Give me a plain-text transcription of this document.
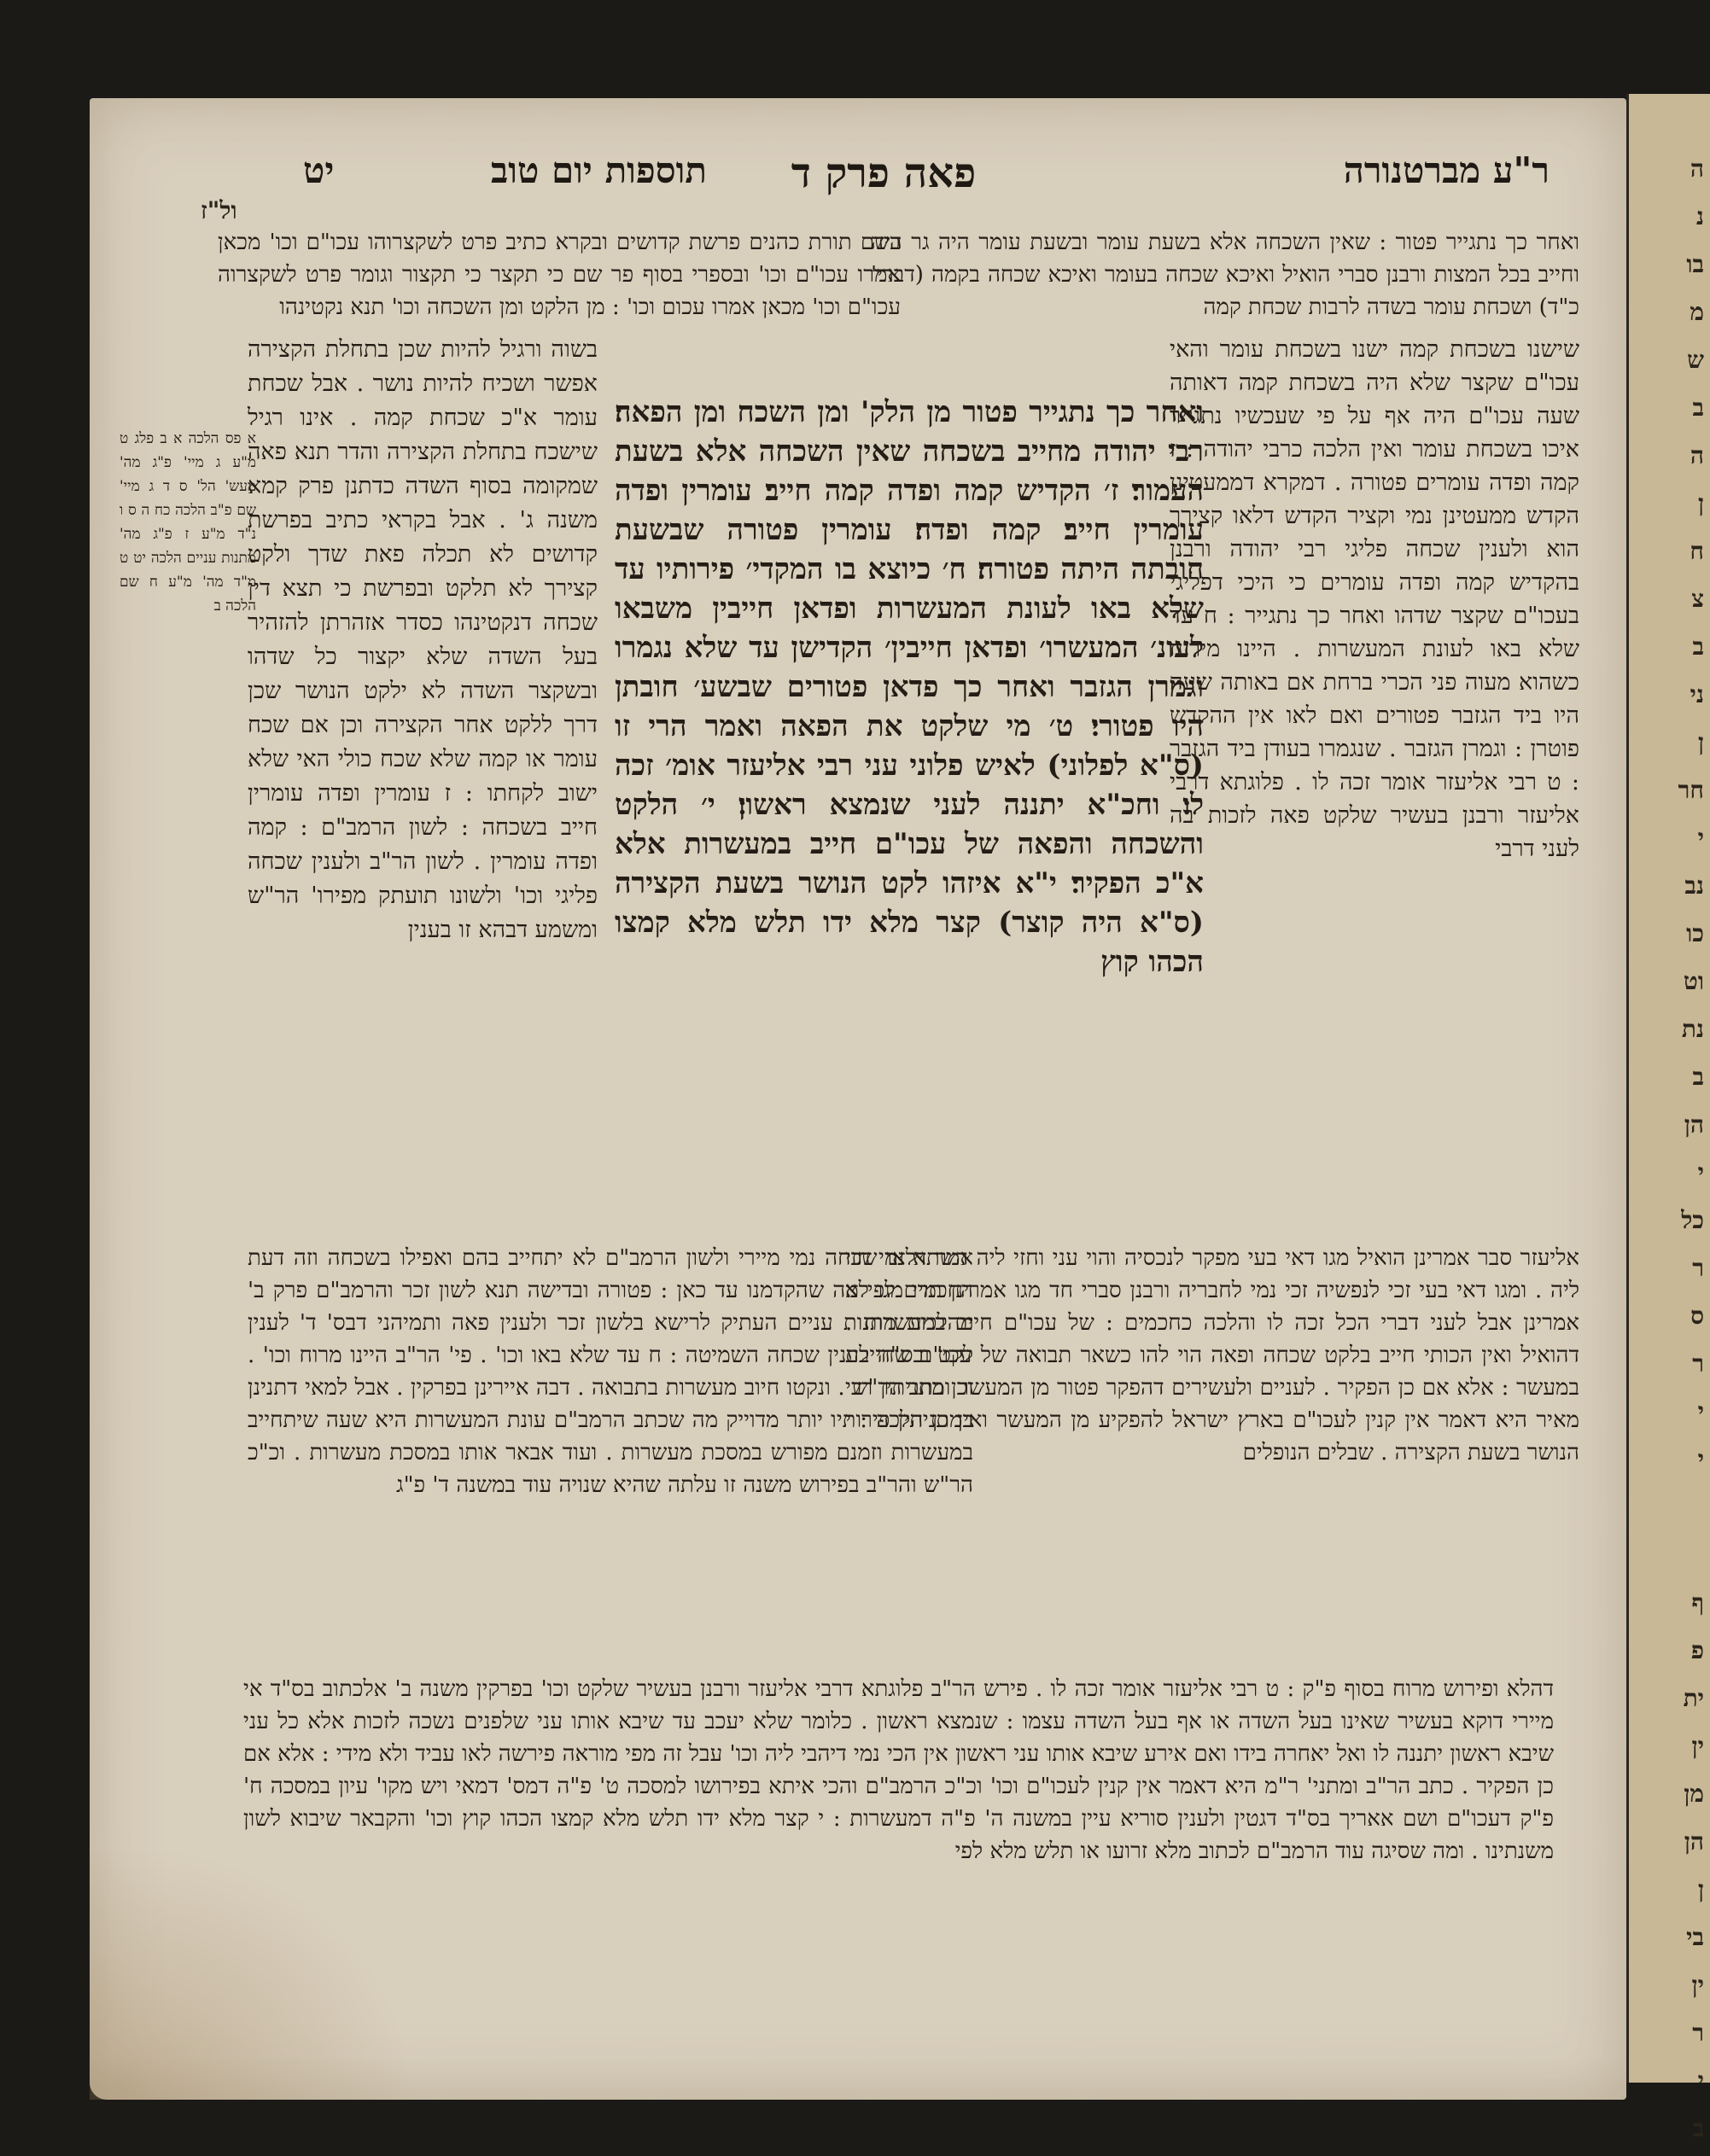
ה
נ
בו
מ
ש
ב
ה
ן
ח
צ
ב
ני
ן
חר
י
נב
כו
וט
נת
ב
הן
י
כל
ר
ס
ר
י
י

ף
פ
ית
ין
מן
הן
ן
בי
ין
ר
י
ב
ר"ע מברטנורה
פאה פרק ד
תוספות יום טוב
יט
ול"ז
ואחר כך נתגייר פטור : שאין השכחה אלא בשעת עומר ובשעת עומר היה גר היה וחייב בכל המצות ורבנן סברי הואיל ואיכא שכחה בעומר ואיכא שכחה בקמה (דברי' כ"ד) ושכחת עומר בשדה לרבות שכחת קמה
בשם תורת כהנים פרשת קדושים ובקרא כתיב פרט לשקצרוהו עכו"ם וכו' מכאן אמרו עכו"ם וכו' ובספרי בסוף פר שם כי תקצר כי תקצור וגומר פרט לשקצרוה עכו"ם וכו' מכאן אמרו עכום וכו' : מן הלקט ומן השכחה וכו' תנא נקטינהו
שישנו בשכחת קמה ישנו בשכחת עומר והאי עכו"ם שקצר שלא היה בשכחת קמה דאותה שעה עכו"ם היה אף על פי שעכשיו נתגייר איכו בשכחת עומר ואין הלכה כרבי יהודה : ז קמה ופדה עומרים פטורה . דמקרא דממעטינן הקדש ממעטינן נמי וקציר הקדש דלאו קצירך הוא ולענין שכחה פליגי רבי יהודה ורבנן בהקדיש קמה ופדה עומרים כי היכי דפליגי בעכו"ם שקצר שדהו ואחר כך נתגייר : ח עד שלא באו לעונת המעשרות . היינו מירוח כשהוא מעוה פני הכרי ברחת אם באותה שעה היו ביד הגזבר פטורים ואם לאו אין ההקדש פוטרן : וגמרן הגזבר . שנגמרו בעודן ביד הגזבר : ט רבי אליעזר אומר זכה לו . פלוגתא דרבי אליעזר ורבנן בעשיר שלקט פאה לזכות בה לעני דרבי
ואחר כך נתגייר פטור מן הלק' ומן השכח ומן הפאה׃ רבי יהודה מחייב בשכחה שאין השכחה אלא בשעת העמור׃ ז׳ הקדיש קמה ופדה קמה חייב׃ עומרין ופדה עומרין חייב׃ קמה ופדה׃ עומרין פטורה שבשעת חובתה היתה פטורה׃ ח׳ כיוצא בו המקדי׳ פירותיו עד שלא באו לעונת המעשרות ופדאן חייבין משבאו לעונ׳ המעשרו׳ ופדאן חייבין׳ הקדישן עד שלא נגמרו וגמרן הגזבר ואחר כך פדאן פטורים שבשע׳ חובתן היו פטורי׃ ט׳ מי שלקט את הפאה ואמר הרי זו (ס"א לפלוני) לאיש פלוני עני רבי אליעזר אומ׳ זכה לו׃ וחכ"א יתננה לעני שנמצא ראשון׃ י׳ הלקט והשכחה והפאה של עכו"ם חייב במעשרות אלא א"כ הפקיר׃ י"א איזהו לקט הנושר בשעת הקצירה (ס"א היה קוצר) קצר מלא ידו תלש מלא קמצו הכהו קוץ
בשוה ורגיל להיות שכן בתחלת הקצירה אפשר ושכיח להיות נושר . אבל שכחת עומר א"כ שכחת קמה . אינו רגיל שישכח בתחלת הקצירה והדר תנא פאה שמקומה בסוף השדה כדתנן פרק קמא משנה ג' . אבל בקראי כתיב בפרשת קדושים לא תכלה פאת שדך ולקט קצירך לא תלקט ובפרשת כי תצא דין שכחה דנקטינהו כסדר אזהרתן להזהיר בעל השדה שלא יקצור כל שדהו ובשקצר השדה לא ילקט הנושר שכן דרך ללקט אחר הקצירה וכן אם שכח עומר או קמה שלא שכח כולי האי שלא ישוב לקחתו : ז עומרין ופדה עומרין חייב בשכחה : לשון הרמב"ם : קמה ופדה עומרין . לשון הר"ב ולענין שכחה פליגי וכו' ולשונו תועתק מפירו' הר"ש ומשמע דבהא זו בענין
א פס הלכה א ב פלג ט מ"ע ג מיי' פ"ג מה' מעש' הל' ס ד ג מיי' שם פ"ב הלכה כח ה ס ו נ"ד מ"ע ז פ"ג מה' מתנות עניים הלכה יט ט מ"ד מה' מ"ע ח שם הלכה ב
אמר דלאו שכחה נמי מיירי ולשון הרמב"ם לא יתחייב בהם ואפילו בשכחה וזה דעת החכמים לפי מה שהקדמנו עד כאן : פטורה ובדישה תנא לשון זכר והרמב"ם פרק ב' מהלכות מתנות עניים העתיק לרישא בלשון זכר ולענין פאה ותמיהני דבס' ד' לענין לקט ובס"ה לענין שכחה השמיטה : ח עד שלא באו וכו' . פי' הר"ב היינו מרוח וכו' . וכן כתב הר"ש . ונקטו חיוב מעשרות בתבואה . דבה איירינן בפרקין . אבל למאי דתנינן במתניתין פירותיו יותר מדוייק מה שכתב הרמב"ם עונת המעשרות היא שעה שיתחייב במעשרות וזמנם מפורש במסכת מעשרות . ועוד אבאר אותו במסכת מעשרות . וכ"כ הר"ש והר"ב בפירוש משנה זו עלתה שהיא שנויה עוד במשנה ד' פ"ג
אליעזר סבר אמרינן הואיל מגו דאי בעי מפקר לנכסיה והוי עני וחזי ליה השתא נמי חזי ליה . ומגו דאי בעי זכי לנפשיה זכי נמי לחבריה ורבנן סברי חד מגו אמרינן תרי מגו לא אמרינן אבל לעני דברי הכל זכה לו והלכה כחכמים : של עכו"ם חייב במעשרות . דהואיל ואין הכותי חייב בלקט שכחה ופאה הוי להו כשאר תבואה של עכו"ם שחייבת במעשר : אלא אם כן הפקיר . לעניים ולעשירים דהפקר פטור מן המעשר ומתניתין רבי מאיר היא דאמר אין קנין לעכו"ם בארץ ישראל להפקיע מן המעשר ואין כן הלכה : י הנושר בשעת הקצירה . שבלים הנופלים
דהלא ופירוש מרוח בסוף פ"ק : ט רבי אליעזר אומר זכה לו . פירש הר"ב פלוגתא דרבי אליעזר ורבנן בעשיר שלקט וכו' בפרקין משנה ב' אלכתוב בס"ד אי מיירי דוקא בעשיר שאינו בעל השדה או אף בעל השדה עצמו : שנמצא ראשון . כלומר שלא יעכב עד שיבא אותו עני שלפנים נשכה לזכות אלא כל עני שיבא ראשון יתננה לו ואל יאחרה בידו ואם אירע שיבא אותו עני ראשון אין הכי נמי דיהבי ליה וכו' עבל זה מפי מוראה פירשה לאו עביד ולא מידי : אלא אם כן הפקיר . כתב הר"ב ומתני' ר"מ היא דאמר אין קנין לעכו"ם וכו' וכ"כ הרמב"ם והכי איתא בפירושו למסכה ט' פ"ה דמס' דמאי ויש מקו' עיון במסכה ח' פ"ק דעכו"ם ושם אאריך בס"ד דגטין ולענין סוריא עיין במשנה ה' פ"ה דמעשרות : י קצר מלא ידו תלש מלא קמצו הכהו קוץ וכו' והקבאר שיבוא לשון משנתינו . ומה שסיגה עוד הרמב"ם לכתוב מלא זרועו או תלש מלא לפי
